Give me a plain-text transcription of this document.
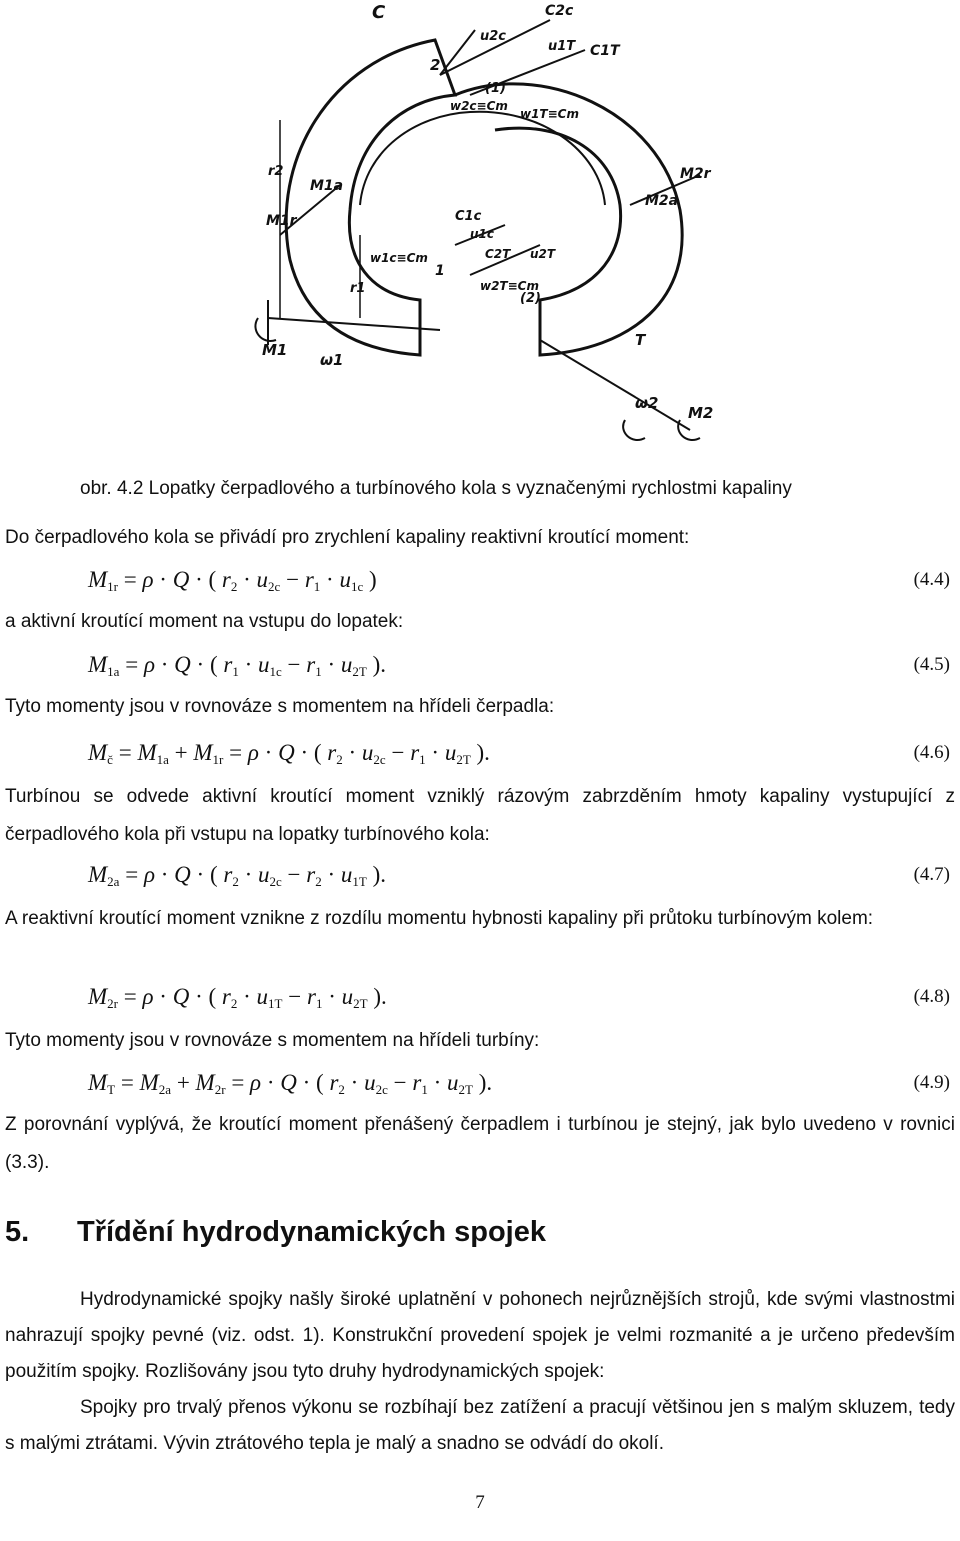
C
u2c
C2c
u1T C1T
2
(1)
w2c≡Cm
w1T≡Cm
r2
M1a
M1r
M2r
M2a
C1c
u1c
C2T u2T
w1c≡Cm
1
w2T≡Cm
(2)
r1
M1
ω1
T
ω2
M2
obr. 4.2 Lopatky čerpadlového a turbínového kola s vyznačenými rychlostmi kapaliny
Do čerpadlového kola se přivádí pro zrychlení kapaliny reaktivní kroutící moment:
$M_{1r} = \rho \cdot Q$ · ( $r_2 \cdot u_{2c} - r_1 \cdot u_{1c}$ )	(4.4)
a aktivní kroutící moment na vstupu do lopatek:
$M_{1a} = \rho \cdot Q$ · ( $r_1 \cdot u_{1c} - r_1 \cdot u_{2T}$ ).	(4.5)
Tyto momenty jsou v rovnováze s momentem na hřídeli čerpadla:
$M_č = M_{1a} + M_{1r} = \rho \cdot Q$ · ( $r_2 \cdot u_{2c} - r_1 \cdot u_{2T}$ ).	(4.6)
Turbínou se odvede aktivní kroutící moment vzniklý rázovým zabrzděním hmoty kapaliny vystupující z čerpadlového kola při vstupu na lopatky turbínového kola:
$M_{2a} = \rho \cdot Q$ · ( $r_2 \cdot u_{2c} - r_2 \cdot u_{1T}$ ).	(4.7)
A reaktivní kroutící moment vznikne z rozdílu momentu hybnosti kapaliny při průtoku turbínovým kolem:
$M_{2r} = \rho \cdot Q$ · ( $r_2 \cdot u_{1T} - r_1 \cdot u_{2T}$ ).	(4.8)
Tyto momenty jsou v rovnováze s momentem na hřídeli turbíny:
$M_T = M_{2a} + M_{2r} = \rho \cdot Q$ · ( $r_2 \cdot u_{2c} - r_1 \cdot u_{2T}$ ).	(4.9)
Z porovnání vyplývá, že kroutící moment přenášený čerpadlem i turbínou je stejný, jak bylo uvedeno v rovnici (3.3).
5. Třídění hydrodynamických spojek
Hydrodynamické spojky našly široké uplatnění v pohonech nejrůznějších strojů, kde svými vlastnostmi nahrazují spojky pevné (viz. odst. 1). Konstrukční provedení spojek je velmi rozmanité a je určeno především použitím spojky. Rozlišovány jsou tyto druhy hydrodynamických spojek:
Spojky pro trvalý přenos výkonu se rozbíhají bez zatížení a pracují většinou jen s malým skluzem, tedy s malými ztrátami. Vývin ztrátového tepla je malý a snadno se odvádí do okolí.
7
